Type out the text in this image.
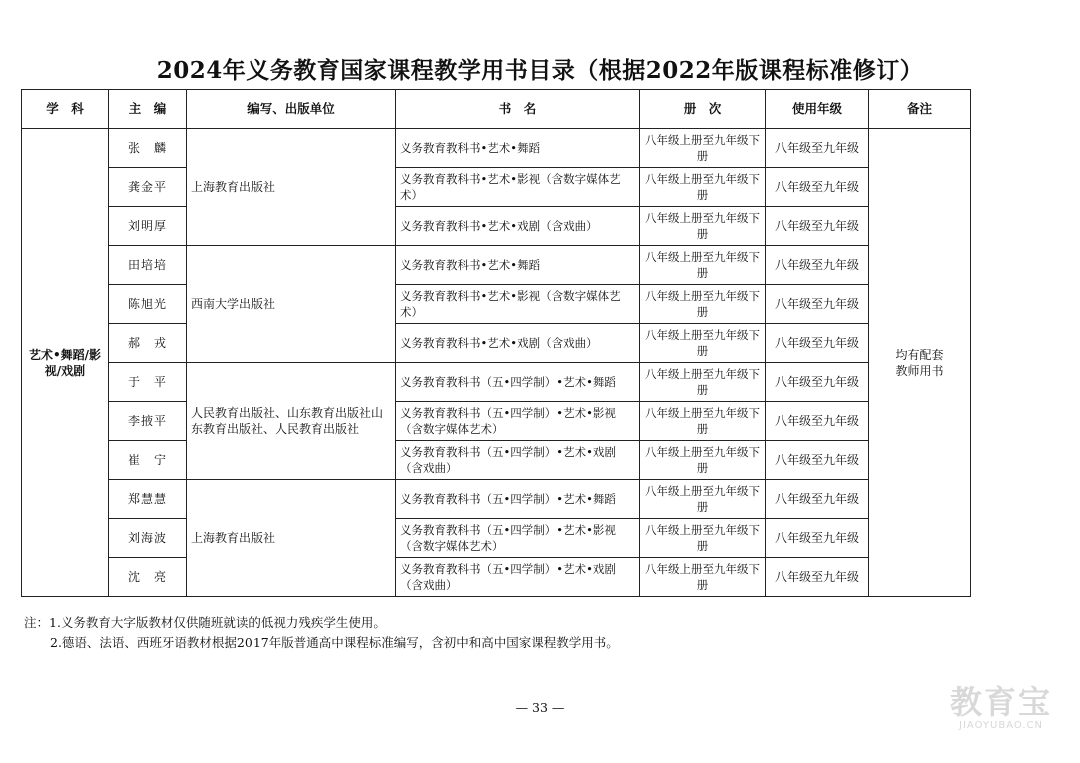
2024年义务教育国家课程教学用书目录（根据2022年版课程标准修订）
学　科	主　编	编写、出版单位	书　名	册　次	使用年级	备注
艺术•舞蹈/影视/戏剧	张　麟	上海教育出版社	义务教育教科书•艺术•舞蹈	八年级上册至九年级下册	八年级至九年级	均有配套教师用书
	龚金平		义务教育教科书•艺术•影视（含数字媒体艺术）	八年级上册至九年级下册	八年级至九年级	
	刘明厚		义务教育教科书•艺术•戏剧（含戏曲）	八年级上册至九年级下册	八年级至九年级	
	田培培	西南大学出版社	义务教育教科书•艺术•舞蹈	八年级上册至九年级下册	八年级至九年级	
	陈旭光		义务教育教科书•艺术•影视（含数字媒体艺术）	八年级上册至九年级下册	八年级至九年级	
	郝　戎		义务教育教科书•艺术•戏剧（含戏曲）	八年级上册至九年级下册	八年级至九年级	
	于　平	人民教育出版社、山东教育出版社山东教育出版社、人民教育出版社	义务教育教科书（五•四学制）•艺术•舞蹈	八年级上册至九年级下册	八年级至九年级	
	李掖平		义务教育教科书（五•四学制）•艺术•影视（含数字媒体艺术）	八年级上册至九年级下册	八年级至九年级	
	崔　宁		义务教育教科书（五•四学制）•艺术•戏剧（含戏曲）	八年级上册至九年级下册	八年级至九年级	
	郑慧慧	上海教育出版社	义务教育教科书（五•四学制）•艺术•舞蹈	八年级上册至九年级下册	八年级至九年级	
	刘海波		义务教育教科书（五•四学制）•艺术•影视（含数字媒体艺术）	八年级上册至九年级下册	八年级至九年级	
	沈　亮		义务教育教科书（五•四学制）•艺术•戏剧（含戏曲）	八年级上册至九年级下册	八年级至九年级	
注：1.义务教育大字版教材仅供随班就读的低视力残疾学生使用。
2.德语、法语、西班牙语教材根据2017年版普通高中课程标准编写，含初中和高中国家课程教学用书。
— 33 —	教育宝
JIAOYUBAO.CN
